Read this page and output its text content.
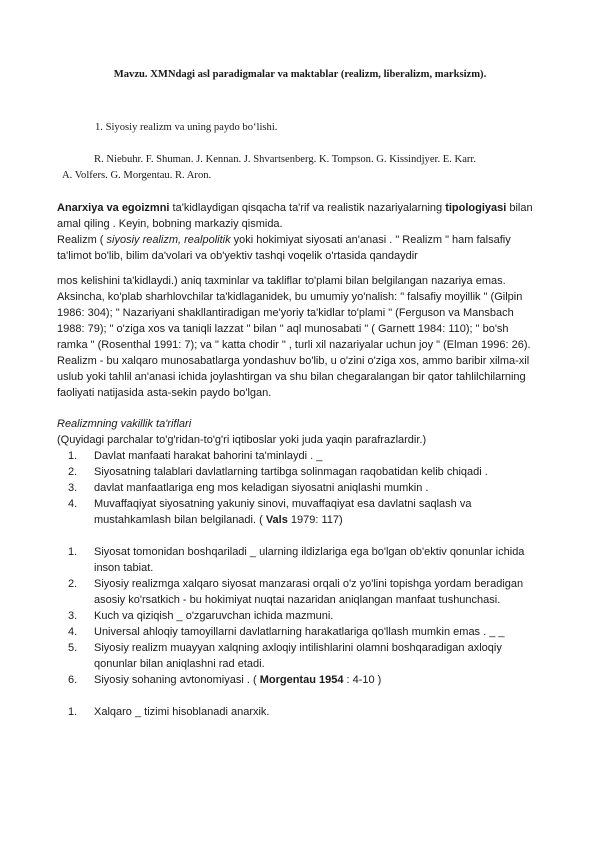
Mavzu. XMNdagi asl paradigmalar va maktablar (realizm, liberalizm, marksizm).
1. Siyosiy realizm va uning paydo bo‘lishi.
R. Niebuhr. F. Shuman. J. Kennan. J. Shvartsenberg. K. Tompson. G. Kissindjyer. E. Karr.
A. Volfers. G. Morgentau. R. Aron.

Anarxiya va egoizmni ta'kidlaydigan qisqacha ta'rif va realistik nazariyalarning tipologiyasi bilan amal qiling . Keyin, bobning markaziy qismida.
Realizm ( siyosiy realizm, realpolitik yoki hokimiyat siyosati an'anasi . " Realizm " ham falsafiy ta'limot bo'lib, bilim da'volari va ob'yektiv tashqi voqelik o'rtasida qandaydir

mos kelishini ta'kidlaydi.) aniq taxminlar va takliflar to'plami bilan belgilangan nazariya emas. Aksincha, ko'plab sharhlovchilar ta'kidlaganidek, bu umumiy yo'nalish: " falsafiy moyillik " (Gilpin 1986: 304); " Nazariyani shakllantiradigan me'yoriy ta'kidlar to'plami " (Ferguson va Mansbach 1988: 79); " o'ziga xos va taniqli lazzat " bilan " aql munosabati " ( Garnett 1984: 110); " bo'sh ramka " (Rosenthal 1991: 7); va " katta chodir " , turli xil nazariyalar uchun joy " (Elman 1996: 26). Realizm - bu xalqaro munosabatlarga yondashuv bo'lib, u o'zini o'ziga xos, ammo baribir xilma-xil uslub yoki tahlil an'anasi ichida joylashtirgan va shu bilan chegaralangan bir qator tahlilchilarning faoliyati natijasida asta-sekin paydo bo'lgan.

Realizmning vakillik ta'riflari

(Quyidagi parchalar to'g'ridan-to'g'ri iqtiboslar yoki juda yaqin parafrazlardir.)

1. Davlat manfaati harakat bahorini ta'minlaydi . _
2. Siyosatning talablari davlatlarning tartibga solinmagan raqobatidan kelib chiqadi .
3. davlat manfaatlariga eng mos keladigan siyosatni aniqlashi mumkin .
4. Muvaffaqiyat siyosatning yakuniy sinovi, muvaffaqiyat esa davlatni saqlash va mustahkamlash bilan belgilanadi. ( Vals 1979: 117)
1. Siyosat tomonidan boshqariladi _ ularning ildizlariga ega bo'lgan ob'ektiv qonunlar ichida inson tabiat.
2. Siyosiy realizmga xalqaro siyosat manzarasi orqali o'z yo'lini topishga yordam beradigan asosiy ko'rsatkich - bu hokimiyat nuqtai nazaridan aniqlangan manfaat tushunchasi.
3. Kuch va qiziqish _ o'zgaruvchan ichida mazmuni.
4. Universal ahloqiy tamoyillarni davlatlarning harakatlariga qo'llash mumkin emas . _ _
5. Siyosiy realizm muayyan xalqning axloqiy intilishlarini olamni boshqaradigan axloqiy qonunlar bilan aniqlashni rad etadi.
6. Siyosiy sohaning avtonomiyasi . ( Morgentau 1954 : 4-10 )
1. Xalqaro _ tizimi hisoblanadi anarxik.
